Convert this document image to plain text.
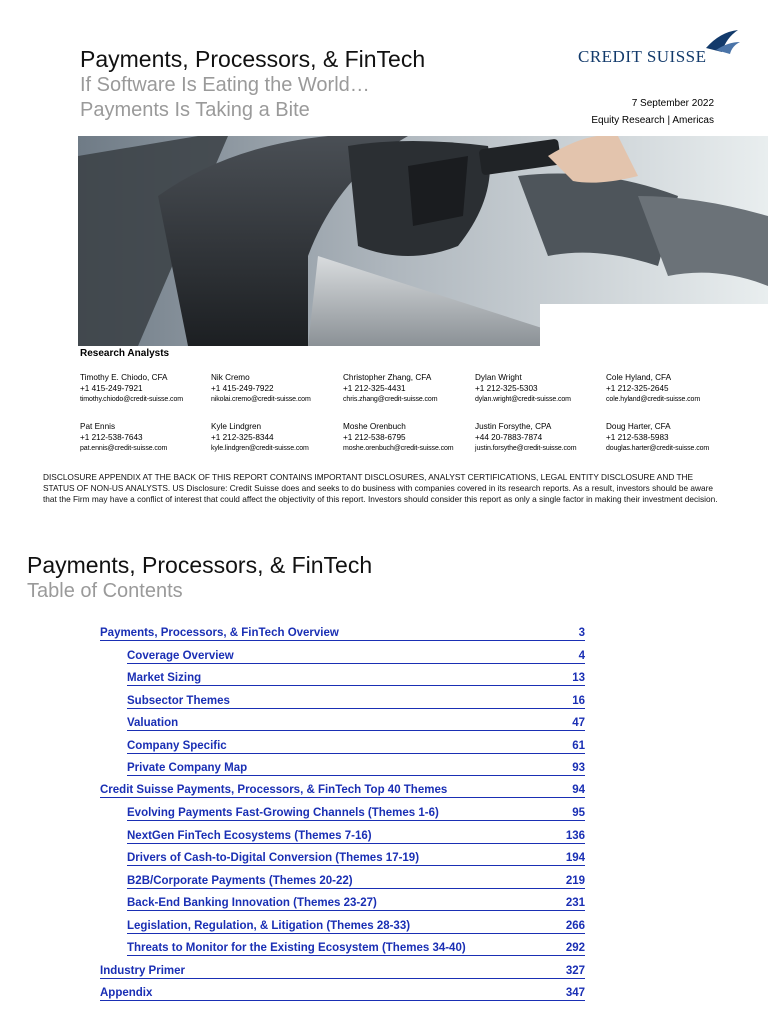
Payments, Processors, & FinTech
If Software Is Eating the World…
Payments Is Taking a Bite
CREDIT SUISSE
7 September 2022
Equity Research | Americas
Research Analysts
Timothy E. Chiodo, CFA
+1 415-249-7921
timothy.chiodo@credit-suisse.com
Nik Cremo
+1 415-249-7922
nikolai.cremo@credit-suisse.com
Christopher Zhang, CFA
+1 212-325-4431
chris.zhang@credit-suisse.com
Dylan Wright
+1 212-325-5303
dylan.wright@credit-suisse.com
Cole Hyland, CFA
+1 212-325-2645
cole.hyland@credit-suisse.com
Pat Ennis
+1 212-538-7643
pat.ennis@credit-suisse.com
Kyle Lindgren
+1 212-325-8344
kyle.lindgren@credit-suisse.com
Moshe Orenbuch
+1 212-538-6795
moshe.orenbuch@credit-suisse.com
Justin Forsythe, CPA
+44 20-7883-7874
justin.forsythe@credit-suisse.com
Doug Harter, CFA
+1 212-538-5983
douglas.harter@credit-suisse.com
DISCLOSURE APPENDIX AT THE BACK OF THIS REPORT CONTAINS IMPORTANT DISCLOSURES, ANALYST CERTIFICATIONS, LEGAL ENTITY DISCLOSURE AND THE STATUS OF NON-US ANALYSTS. US Disclosure: Credit Suisse does and seeks to do business with companies covered in its research reports. As a result, investors should be aware that the Firm may have a conflict of interest that could affect the objectivity of this report. Investors should consider this report as only a single factor in making their investment decision.
Payments, Processors, & FinTech
Table of Contents
Payments, Processors, & FinTech Overview	3
Coverage Overview	4
Market Sizing	13
Subsector Themes	16
Valuation	47
Company Specific	61
Private Company Map	93
Credit Suisse Payments, Processors, & FinTech Top 40 Themes	94
Evolving Payments Fast-Growing Channels (Themes 1-6)	95
NextGen FinTech Ecosystems (Themes 7-16)	136
Drivers of Cash-to-Digital Conversion (Themes 17-19)	194
B2B/Corporate Payments (Themes 20-22)	219
Back-End Banking Innovation (Themes 23-27)	231
Legislation, Regulation, & Litigation (Themes 28-33)	266
Threats to Monitor for the Existing Ecosystem (Themes 34-40)	292
Industry Primer	327
Appendix	347
